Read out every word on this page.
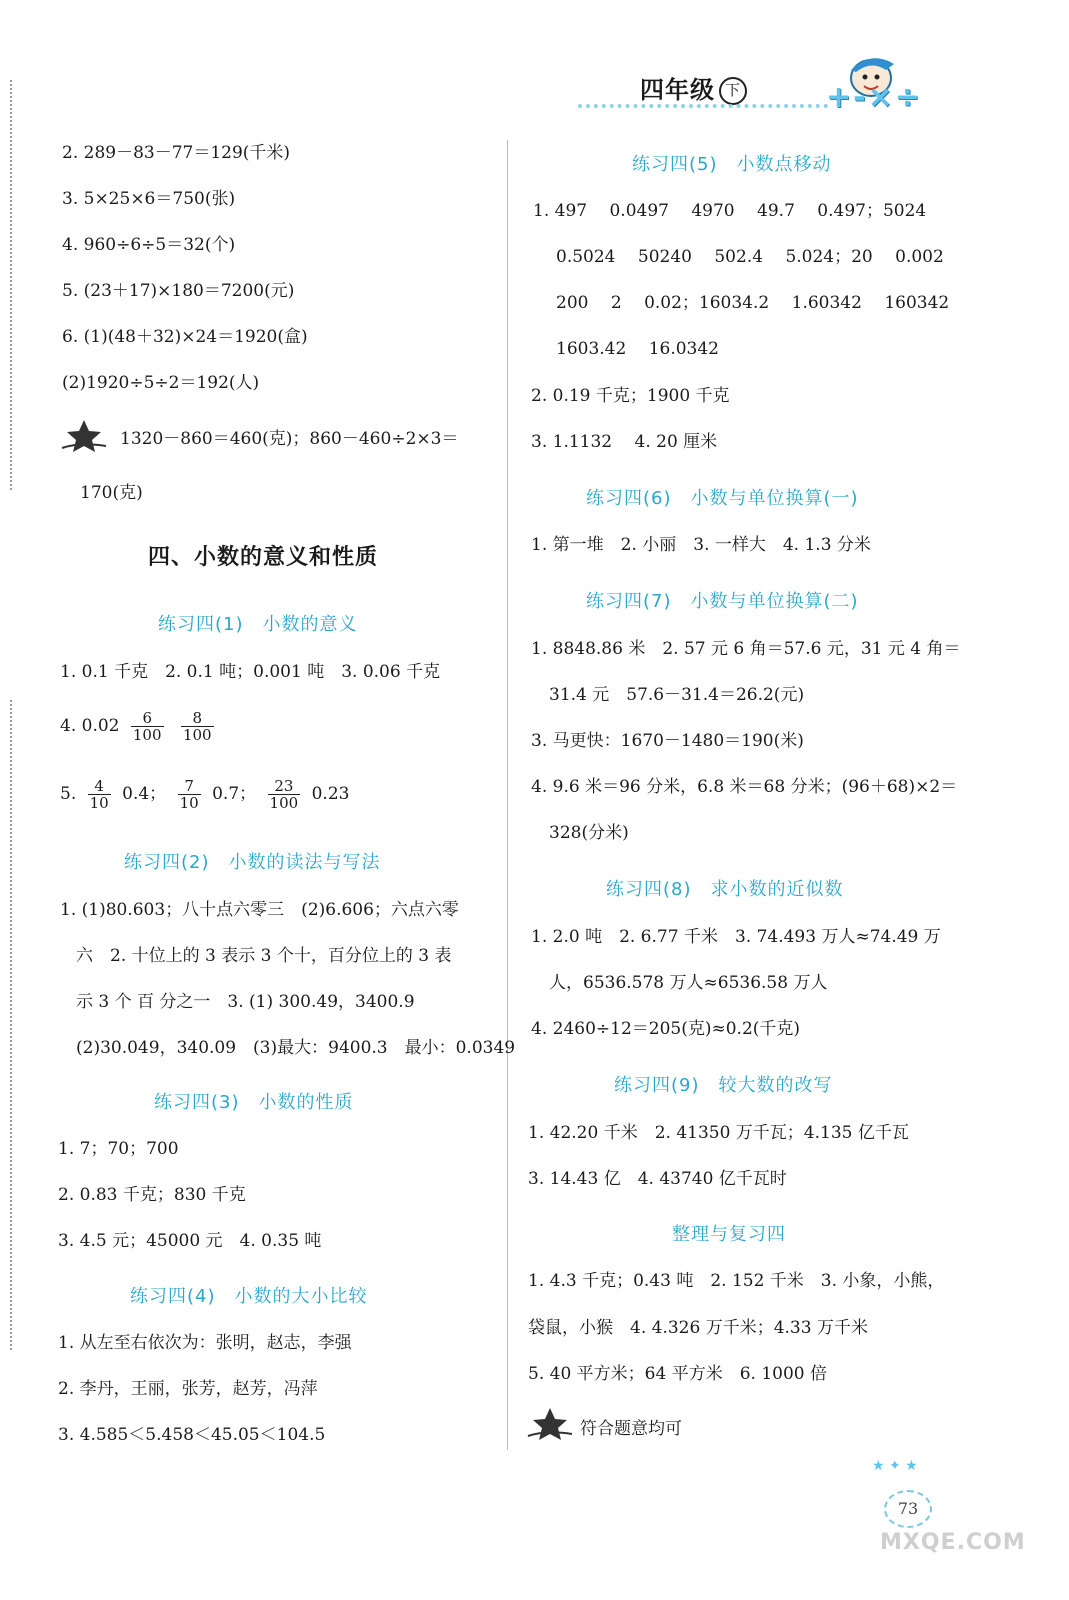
四年级 下	+-×÷
2. 289－83－77＝129(千米)
3. 5×25×6＝750(张)
4. 960÷6÷5＝32(个)
5. (23＋17)×180＝7200(元)
6. (1)(48＋32)×24＝1920(盒)
(2)1920÷5÷2＝192(人)
1320－860＝460(克)；860－460÷2×3＝
170(克)
四、小数的意义和性质
练习四(1)　小数的意义
1. 0.1 千克　2. 0.1 吨；0.001 吨　3. 0.06 千克
4. $0.02 \frac{6}{100}$
$\frac{8}{100}$
5. $\frac{4}{10} 0.4$； $\frac{7}{10} 0.7$； $\frac{23}{100} 0.23$
练习四(2)　小数的读法与写法
1. (1)80.603；八十点六零三　(2)6.606；六点六零
六　2. 十位上的 3 表示 3 个十，百分位上的 3 表
示 3 个 百 分之一　3. (1) 300.49，3400.9
(2)30.049，340.09　(3)最大：9400.3　最小：0.0349
练习四(3)　小数的性质
1. 7；70；700
2. 0.83 千克；830 千克
3. 4.5 元；45000 元　4. 0.35 吨
练习四(4)　小数的大小比较
1. 从左至右依次为：张明，赵志，李强
2. 李丹，王丽，张芳，赵芳，冯萍
3. 4.585＜5.458＜45.05＜104.5
练习四(5)　小数点移动
1. 497　 0.0497　 4970　 49.7　 0.497；5024
0.5024　 50240　 502.4　 5.024；20　 0.002
200　 2　 0.02；16034.2　 1.60342　 160342
1603.42　 16.0342
2. 0.19 千克；1900 千克
3. 1.1132　 4. 20 厘米
练习四(6)　小数与单位换算(一)
1. 第一堆　2. 小丽　3. 一样大　4. 1.3 分米
练习四(7)　小数与单位换算(二)
1. 8848.86 米　2. 57 元 6 角＝57.6 元，31 元 4 角＝
31.4 元　57.6－31.4＝26.2(元)
3. 马更快：1670－1480＝190(米)
4. 9.6 米＝96 分米，6.8 米＝68 分米；(96＋68)×2＝
328(分米)
练习四(8)　求小数的近似数
1. 2.0 吨　2. 6.77 千米　3. 74.493 万人≈74.49 万
人，6536.578 万人≈6536.58 万人
4. 2460÷12＝205(克)≈0.2(千克)
练习四(9)　较大数的改写
1. 42.20 千米　2. 41350 万千瓦；4.135 亿千瓦
3. 14.43 亿　4. 43740 亿千瓦时
整理与复习四
1. 4.3 千克；0.43 吨　2. 152 千米　3. 小象，小熊，
袋鼠，小猴　4. 4.326 万千米；4.33 万千米
5. 40 平方米；64 平方米　6. 1000 倍
符合题意均可
★ ✦ ★
73
MXQE.COM
